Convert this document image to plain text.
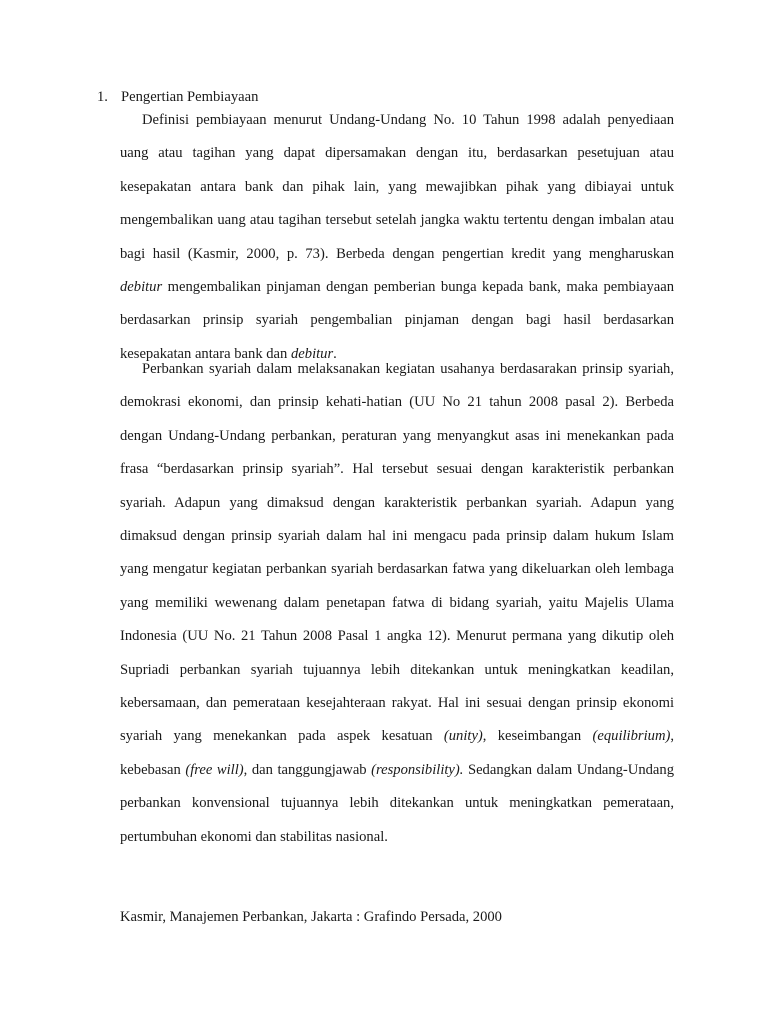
1. Pengertian Pembiayaan

Definisi pembiayaan menurut Undang-Undang No. 10 Tahun 1998 adalah penyediaan uang atau tagihan yang dapat dipersamakan dengan itu, berdasarkan pesetujuan atau kesepakatan antara bank dan pihak lain, yang mewajibkan pihak yang dibiayai untuk mengembalikan uang atau tagihan tersebut setelah jangka waktu tertentu dengan imbalan atau bagi hasil (Kasmir, 2000, p. 73). Berbeda dengan pengertian kredit yang mengharuskan debitur mengembalikan pinjaman dengan pemberian bunga kepada bank, maka pembiayaan berdasarkan prinsip syariah pengembalian pinjaman dengan bagi hasil berdasarkan kesepakatan antara bank dan debitur.

Perbankan syariah dalam melaksanakan kegiatan usahanya berdasarakan prinsip syariah, demokrasi ekonomi, dan prinsip kehati-hatian (UU No 21 tahun 2008 pasal 2). Berbeda dengan Undang-Undang perbankan, peraturan yang menyangkut asas ini menekankan pada frasa “berdasarkan prinsip syariah”. Hal tersebut sesuai dengan karakteristik perbankan syariah. Adapun yang dimaksud dengan karakteristik perbankan syariah. Adapun yang dimaksud dengan prinsip syariah dalam hal ini mengacu pada prinsip dalam hukum Islam yang mengatur kegiatan perbankan syariah berdasarkan fatwa yang dikeluarkan oleh lembaga yang memiliki wewenang dalam penetapan fatwa di bidang syariah, yaitu Majelis Ulama Indonesia (UU No. 21 Tahun 2008 Pasal 1 angka 12). Menurut permana yang dikutip oleh Supriadi perbankan syariah tujuannya lebih ditekankan untuk meningkatkan keadilan, kebersamaan, dan pemerataan kesejahteraan rakyat. Hal ini sesuai dengan prinsip ekonomi syariah yang menekankan pada aspek kesatuan (unity), keseimbangan (equilibrium), kebebasan (free will), dan tanggungjawab (responsibility). Sedangkan dalam Undang-Undang perbankan konvensional tujuannya lebih ditekankan untuk meningkatkan pemerataan, pertumbuhan ekonomi dan stabilitas nasional.

Kasmir, Manajemen Perbankan, Jakarta : Grafindo Persada, 2000
